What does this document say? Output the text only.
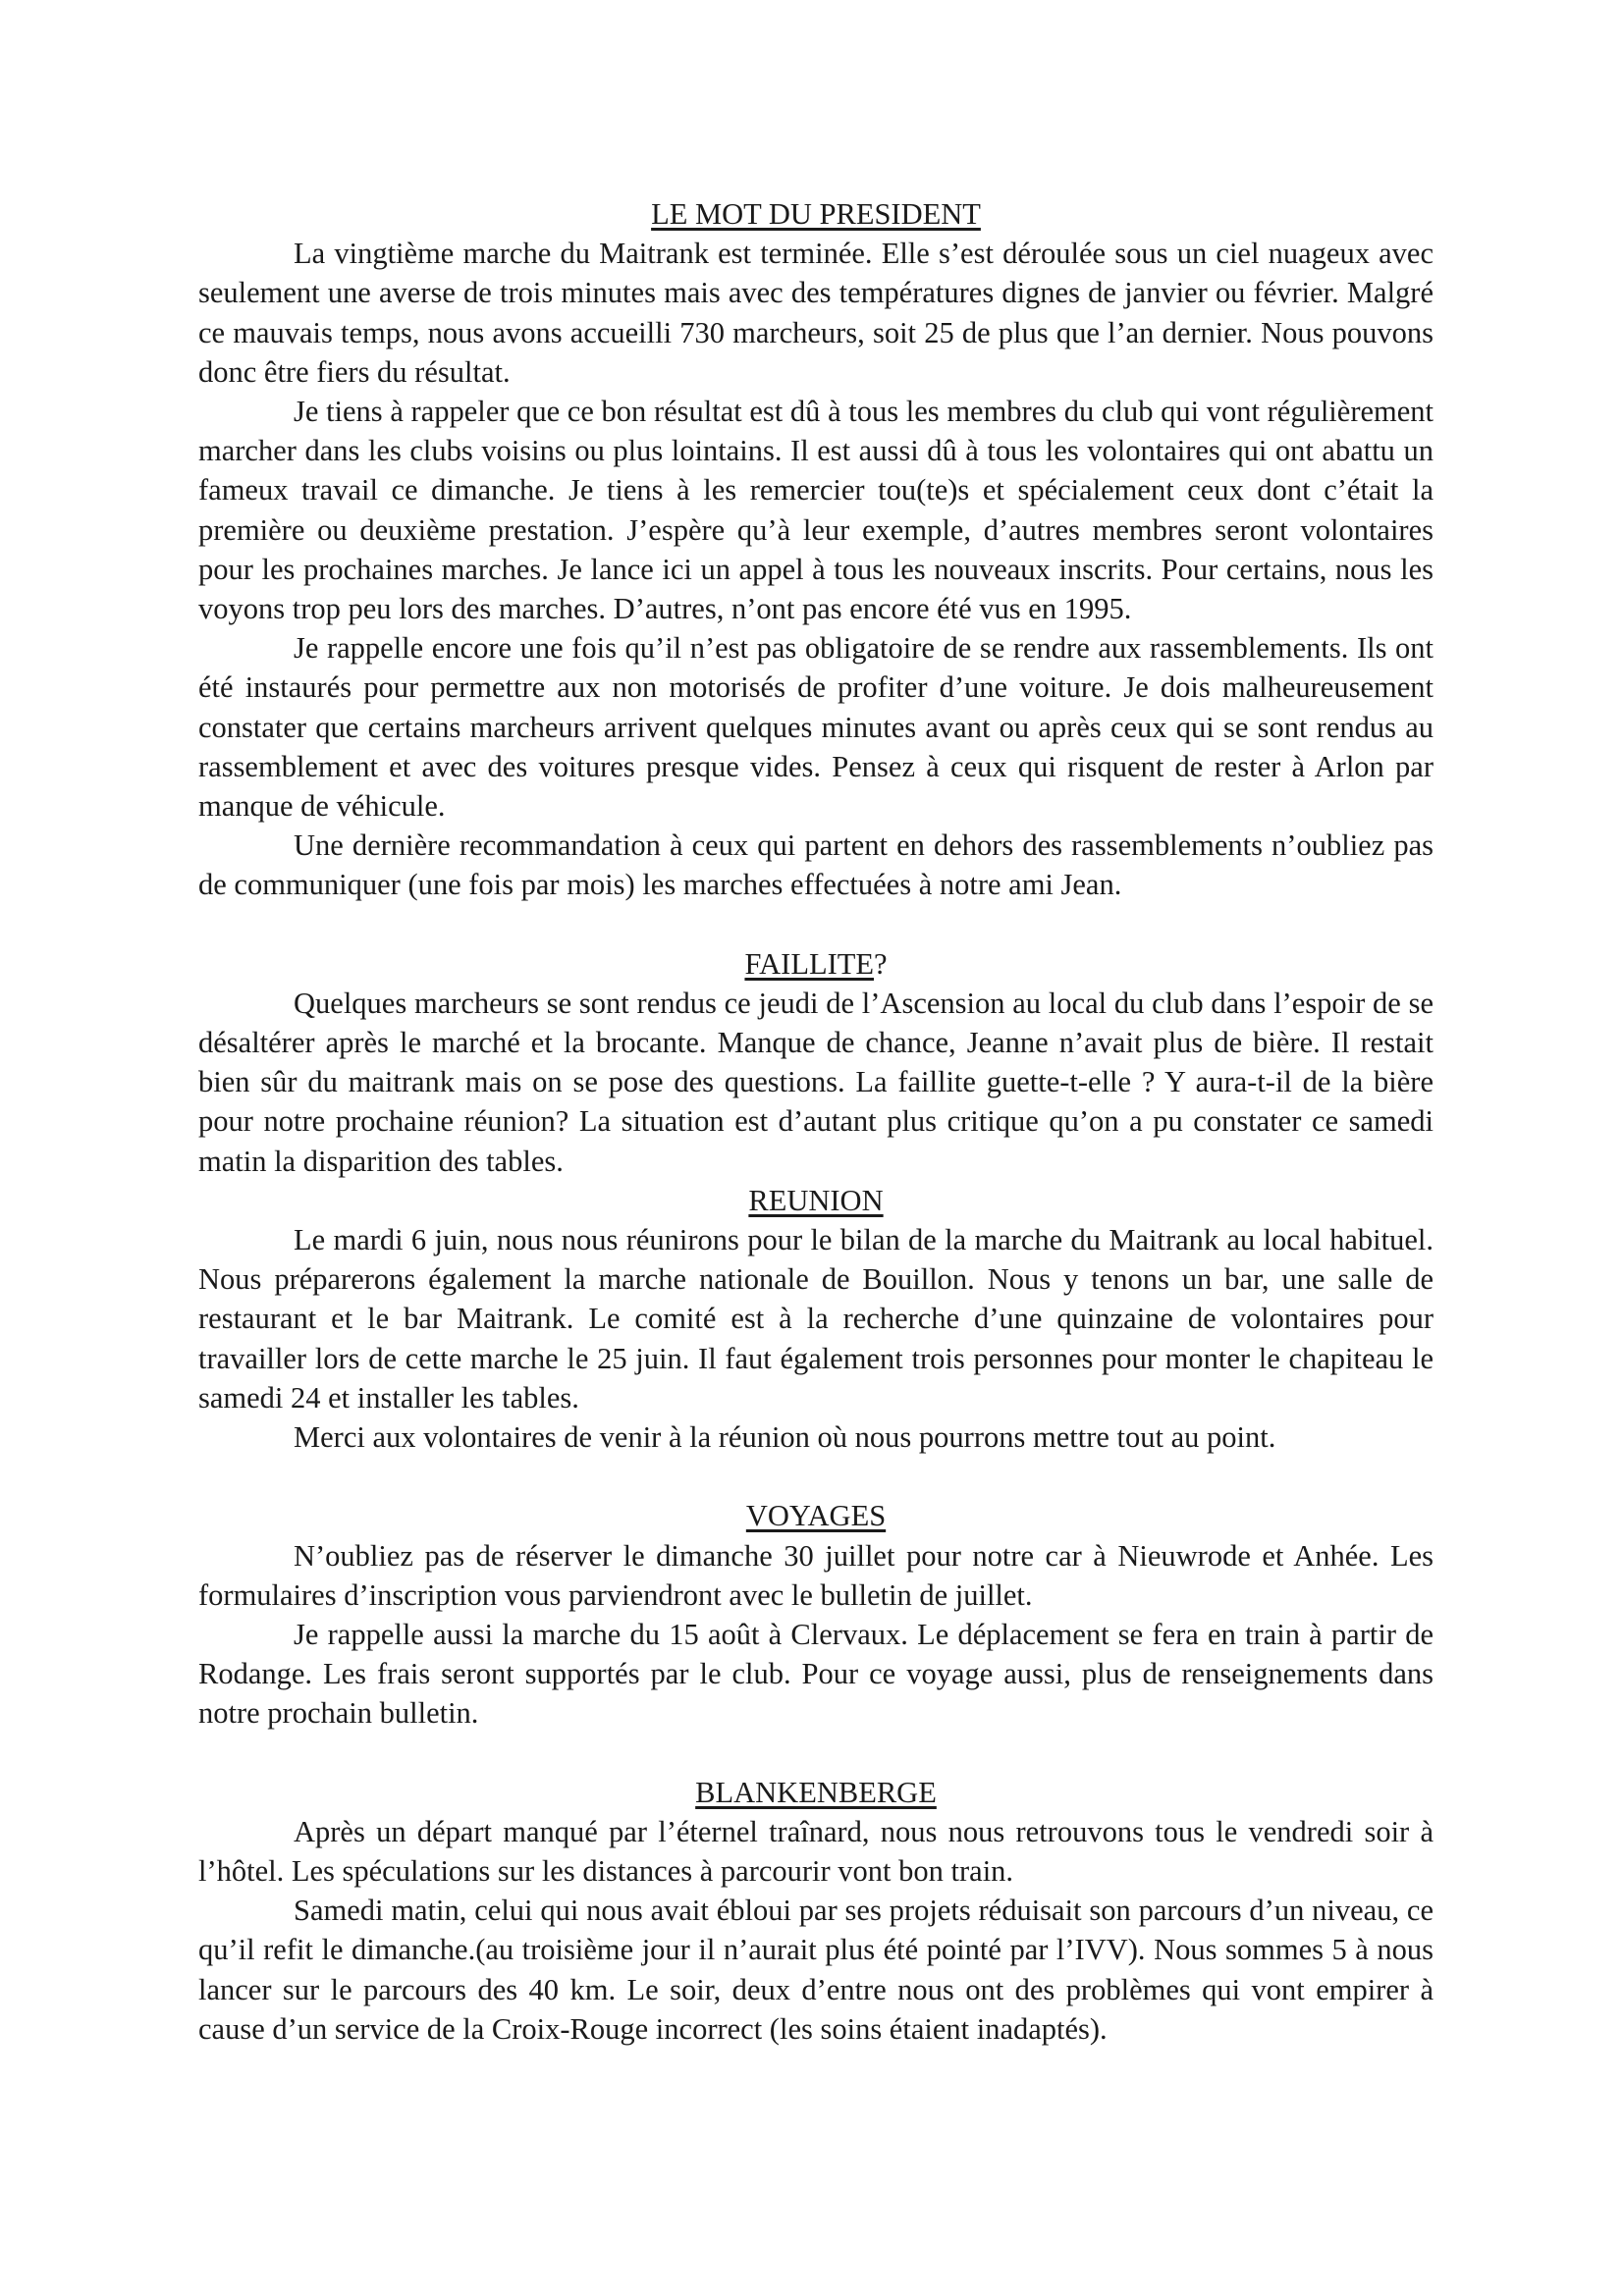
LE MOT DU PRESIDENT

La vingtième marche du Maitrank est terminée. Elle s’est déroulée sous un ciel nuageux avec seulement une averse de trois minutes mais avec des températures dignes de janvier ou février. Malgré ce mauvais temps, nous avons accueilli 730 marcheurs, soit 25 de plus que l’an dernier. Nous pouvons donc être fiers du résultat.

Je tiens à rappeler que ce bon résultat est dû à tous les membres du club qui vont régulièrement marcher dans les clubs voisins ou plus lointains. Il est aussi dû à tous les volontaires qui ont abattu un fameux travail ce dimanche. Je tiens à les remercier tou(te)s et spécialement ceux dont c’était la première ou deuxième prestation. J’espère qu’à leur exemple, d’autres membres seront volontaires pour les prochaines marches. Je lance ici un appel à tous les nouveaux inscrits. Pour certains, nous les voyons trop peu lors des marches. D’autres, n’ont pas encore été vus en 1995.

Je rappelle encore une fois qu’il n’est pas obligatoire de se rendre aux rassemblements. Ils ont été instaurés pour permettre aux non motorisés de profiter d’une voiture. Je dois malheureusement constater que certains marcheurs arrivent quelques minutes avant ou après ceux qui se sont rendus au rassemblement et avec des voitures presque vides. Pensez à ceux qui risquent de rester à Arlon par manque de véhicule.

Une dernière recommandation à ceux qui partent en dehors des rassemblements n’oubliez pas de communiquer (une fois par mois) les marches effectuées à notre ami Jean.

FAILLITE?

Quelques marcheurs se sont rendus ce jeudi de l’Ascension au local du club dans l’espoir de se désaltérer après le marché et la brocante. Manque de chance, Jeanne n’avait plus de bière. Il restait bien sûr du maitrank mais on se pose des questions. La faillite guette-t-elle ? Y aura-t-il de la bière pour notre prochaine réunion? La situation est d’autant plus critique qu’on a pu constater ce samedi matin la disparition des tables.

REUNION

Le mardi 6 juin, nous nous réunirons pour le bilan de la marche du Maitrank au local habituel. Nous préparerons également la marche nationale de Bouillon. Nous y tenons un bar, une salle de restaurant et le bar Maitrank. Le comité est à la recherche d’une quinzaine de volontaires pour travailler lors de cette marche le 25 juin. Il faut également trois personnes pour monter le chapiteau le samedi 24 et installer les tables.

Merci aux volontaires de venir à la réunion où nous pourrons mettre tout au point.

VOYAGES

N’oubliez pas de réserver le dimanche 30 juillet pour notre car à Nieuwrode et Anhée. Les formulaires d’inscription vous parviendront avec le bulletin de juillet.

Je rappelle aussi la marche du 15 août à Clervaux. Le déplacement se fera en train à partir de Rodange. Les frais seront supportés par le club. Pour ce voyage aussi, plus de renseignements dans notre prochain bulletin.

BLANKENBERGE

Après un départ manqué par l’éternel traînard, nous nous retrouvons tous le vendredi soir à l’hôtel. Les spéculations sur les distances à parcourir vont bon train.

Samedi matin, celui qui nous avait ébloui par ses projets réduisait son parcours d’un niveau, ce qu’il refit le dimanche.(au troisième jour il n’aurait plus été pointé par l’IVV). Nous sommes 5 à nous lancer sur le parcours des 40 km. Le soir, deux d’entre nous ont des problèmes qui vont empirer à cause d’un service de la Croix-Rouge incorrect (les soins étaient inadaptés).
